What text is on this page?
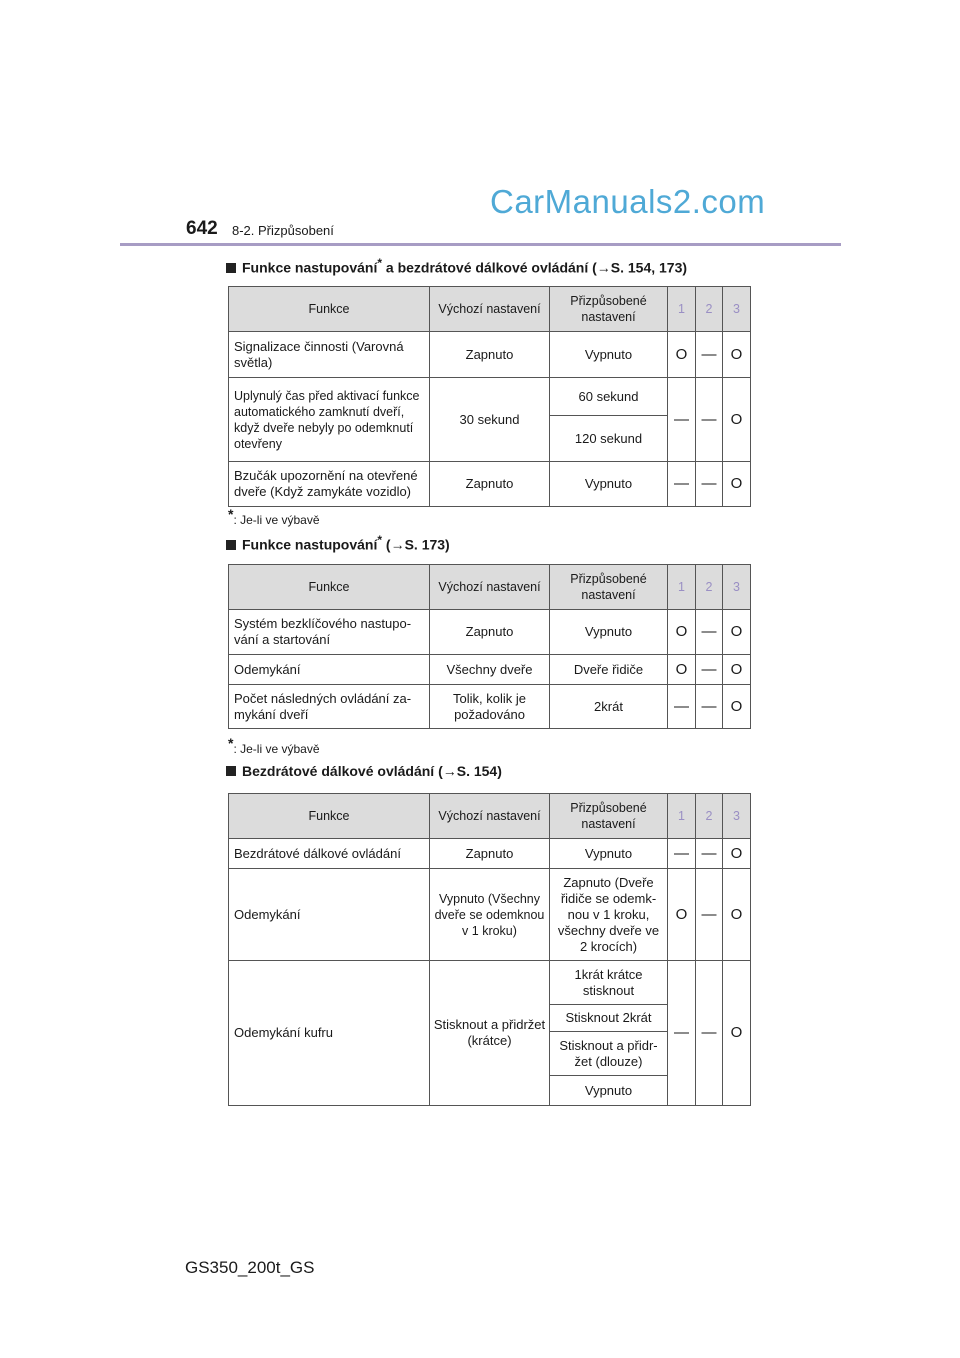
CarManuals2.com
642 8-2. Přizpůsobení
Funkce nastupování* a bezdrátové dálkové ovládání (→S. 154, 173)
Funkce	Výchozí nastavení	Přizpůsobené nastavení	1	2	3
Signalizace činnosti (Varovná světla)	Zapnuto	Vypnuto	O	—	O
Uplynulý čas před aktivací funkce automatického zamknutí dveří, když dveře nebyly po odemknutí otevřeny	30 sekund	60 sekund	—	—	O
		120 sekund			
Bzučák upozornění na otevřené dveře (Když zamykáte vozidlo)	Zapnuto	Vypnuto	—	—	O
*: Je-li ve výbavě
Funkce nastupování* (→S. 173)
Funkce	Výchozí nastavení	Přizpůsobené nastavení	1	2	3
Systém bezklíčového nastupo-vání a startování	Zapnuto	Vypnuto	O	—	O
Odemykání	Všechny dveře	Dveře řidiče	O	—	O
Počet následných ovládání za-mykání dveří	Tolik, kolik je požadováno	2krát	—	—	O
*: Je-li ve výbavě
Bezdrátové dálkové ovládání (→S. 154)
Funkce	Výchozí nastavení	Přizpůsobené nastavení	1	2	3
Bezdrátové dálkové ovládání	Zapnuto	Vypnuto	—	—	O
Odemykání	Vypnuto (Všechny dveře se odemknou v 1 kroku)	Zapnuto (Dveře řidiče se odemk-nou v 1 kroku, všechny dveře ve 2 krocích)	O	—	O
Odemykání kufru	Stisknout a přidržet (krátce)	1krát krátce stisknout	—	—	O
		Stisknout 2krát			
		Stisknout a přidr-žet (dlouze)			
		Vypnuto			
GS350_200t_GS
